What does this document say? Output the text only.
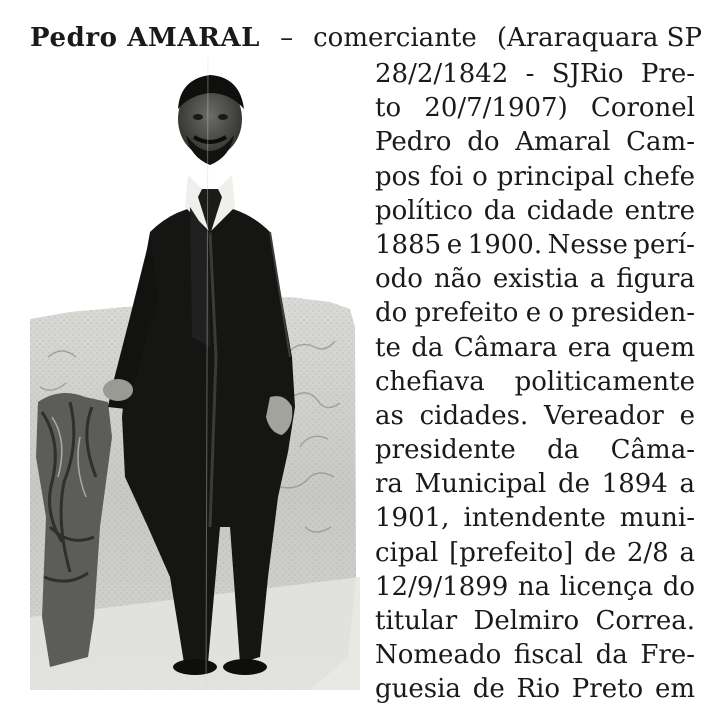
Pedro AMARAL – comerciante (Araraquara SP
28/2/1842 - SJRio Pre-
to 20/7/1907) Coronel
Pedro do Amaral Cam-
pos foi o principal chefe
político da cidade entre
1885 e 1900. Nesse perí-
odo não existia a figura
do prefeito e o presiden-
te da Câmara era quem
chefiava politicamente
as cidades. Vereador e
presidente da Câma-
ra Municipal de 1894 a
1901, intendente muni-
cipal [prefeito] de 2/8 a
12/9/1899 na licença do
titular Delmiro Correa.
Nomeado fiscal da Fre-
guesia de Rio Preto em
